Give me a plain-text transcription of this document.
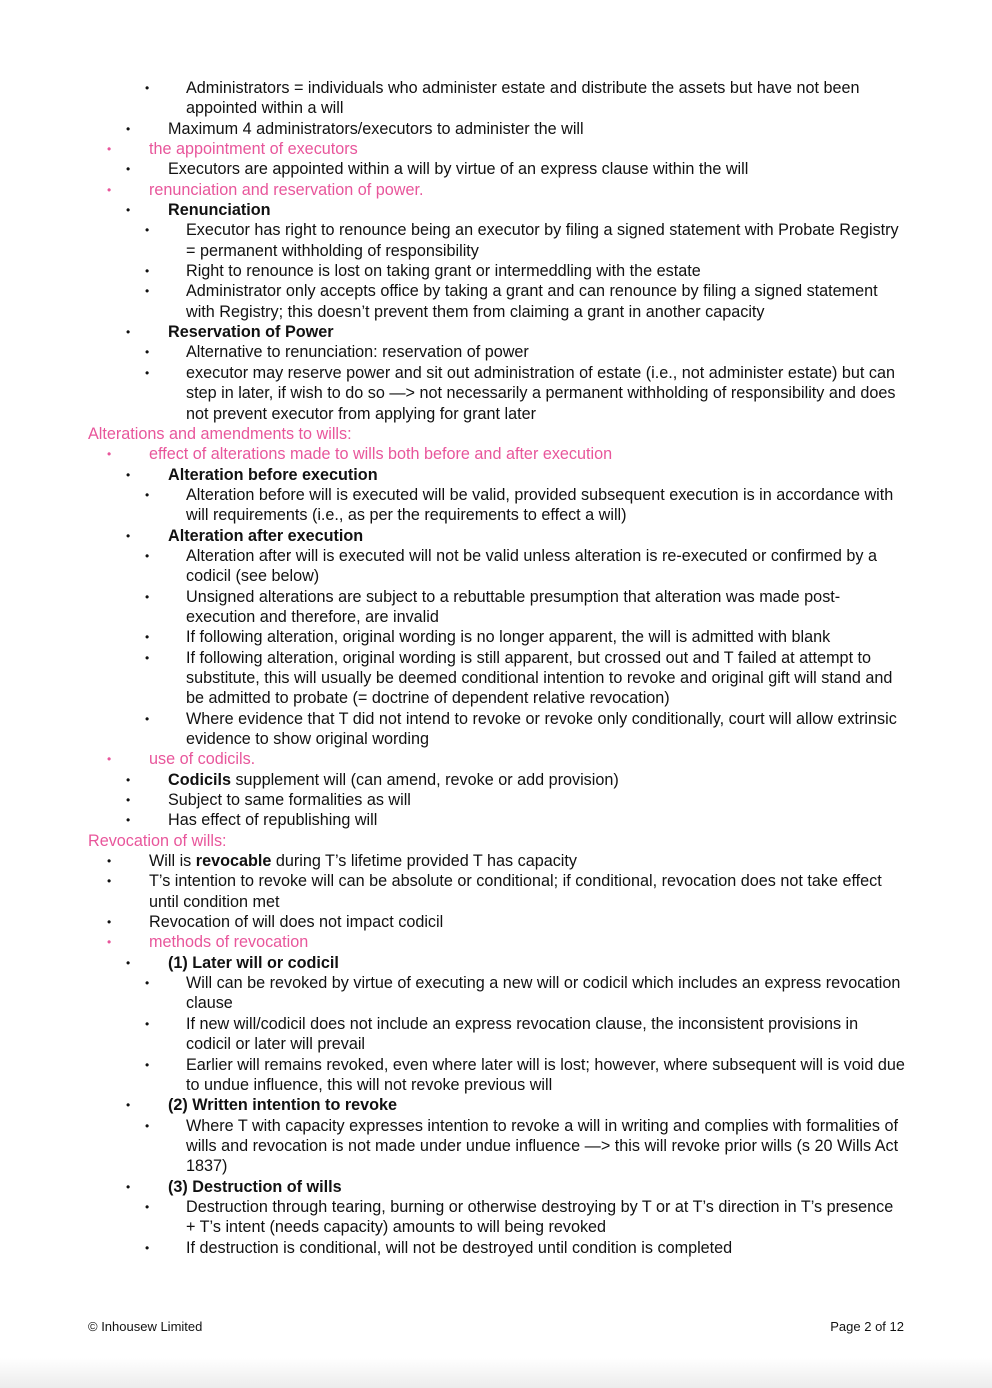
• Administrators = individuals who administer estate and distribute the assets but have not been appointed within a will
• Maximum 4 administrators/executors to administer the will
• the appointment of executors
• Executors are appointed within a will by virtue of an express clause within the will
• renunciation and reservation of power.
• Renunciation
• Executor has right to renounce being an executor by filing a signed statement with Probate Registry = permanent withholding of responsibility
• Right to renounce is lost on taking grant or intermeddling with the estate
• Administrator only accepts office by taking a grant and can renounce by filing a signed statement with Registry; this doesn’t prevent them from claiming a grant in another capacity
• Reservation of Power
• Alternative to renunciation: reservation of power
• executor may reserve power and sit out administration of estate (i.e., not administer estate) but can step in later, if wish to do so —> not necessarily a permanent withholding of responsibility and does not prevent executor from applying for grant later
Alterations and amendments to wills:
• effect of alterations made to wills both before and after execution
• Alteration before execution
• Alteration before will is executed will be valid, provided subsequent execution is in accordance with will requirements (i.e., as per the requirements to effect a will)
• Alteration after execution
• Alteration after will is executed will not be valid unless alteration is re-executed or confirmed by a codicil (see below)
• Unsigned alterations are subject to a rebuttable presumption that alteration was made post-execution and therefore, are invalid
• If following alteration, original wording is no longer apparent, the will is admitted with blank
• If following alteration, original wording is still apparent, but crossed out and T failed at attempt to substitute, this will usually be deemed conditional intention to revoke and original gift will stand and be admitted to probate (= doctrine of dependent relative revocation)
• Where evidence that T did not intend to revoke or revoke only conditionally, court will allow extrinsic evidence to show original wording
• use of codicils.
• Codicils supplement will (can amend, revoke or add provision)
• Subject to same formalities as will
• Has effect of republishing will
Revocation of wills:
• Will is revocable during T’s lifetime provided T has capacity
• T’s intention to revoke will can be absolute or conditional; if conditional, revocation does not take effect until condition met
• Revocation of will does not impact codicil
• methods of revocation
• (1) Later will or codicil
• Will can be revoked by virtue of executing a new will or codicil which includes an express revocation clause
• If new will/codicil does not include an express revocation clause, the inconsistent provisions in codicil or later will prevail
• Earlier will remains revoked, even where later will is lost; however, where subsequent will is void due to undue influence, this will not revoke previous will
• (2) Written intention to revoke
• Where T with capacity expresses intention to revoke a will in writing and complies with formalities of wills and revocation is not made under undue influence —> this will revoke prior wills (s 20 Wills Act 1837)
• (3) Destruction of wills
• Destruction through tearing, burning or otherwise destroying by T or at T’s direction in T’s presence + T’s intent (needs capacity) amounts to will being revoked
• If destruction is conditional, will not be destroyed until condition is completed
© Inhousew Limited	Page 2 of 12
